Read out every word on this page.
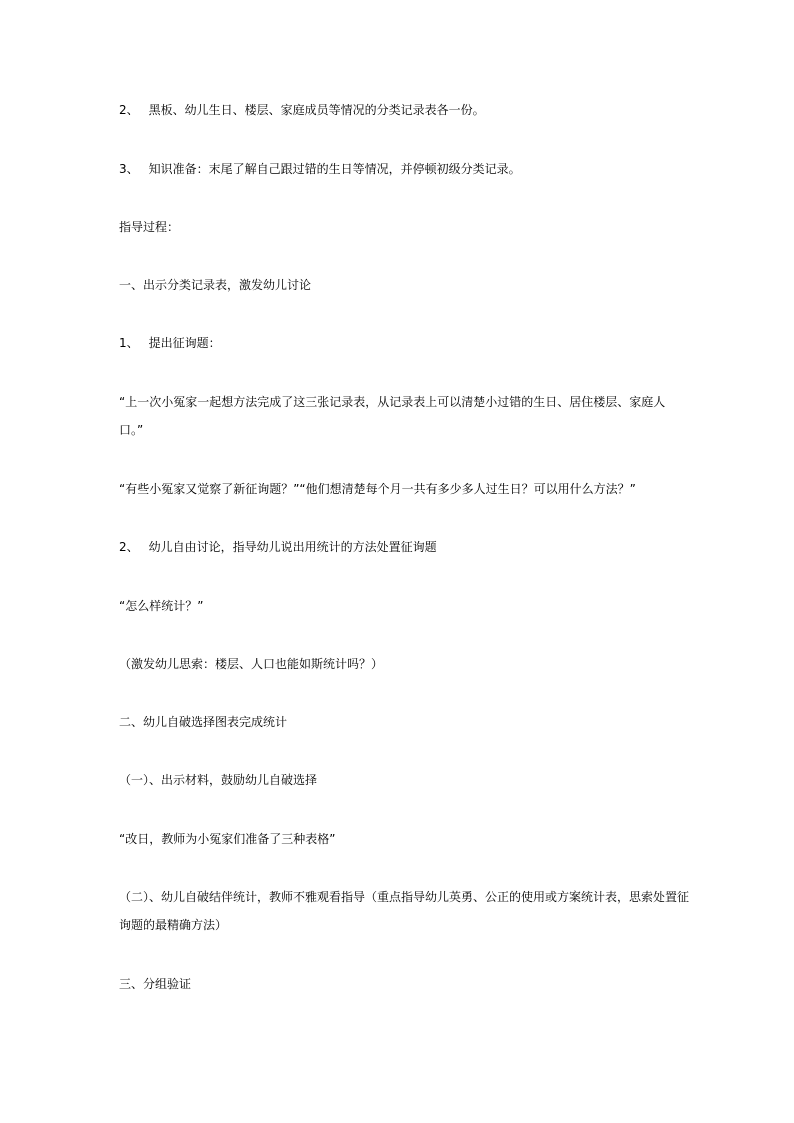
2、 黑板、幼儿生日、楼层、家庭成员等情况的分类记录表各一份。
3、 知识准备：末尾了解自己跟过错的生日等情况，并停顿初级分类记录。
指导过程：
一、出示分类记录表，激发幼儿讨论
1、 提出征询题：
“上一次小冤家一起想方法完成了这三张记录表，从记录表上可以清楚小过错的生日、居住楼层、家庭人口。”
“有些小冤家又觉察了新征询题？”“他们想清楚每个月一共有多少多人过生日？可以用什么方法？”
2、 幼儿自由讨论，指导幼儿说出用统计的方法处置征询题
“怎么样统计？”
（激发幼儿思索：楼层、人口也能如斯统计吗？）
二、幼儿自破选择图表完成统计
（一）、出示材料，鼓励幼儿自破选择
“改日，教师为小冤家们准备了三种表格”
（二）、幼儿自破结伴统计，教师不雅观看指导（重点指导幼儿英勇、公正的使用或方案统计表，思索处置征询题的最精确方法）
三、分组验证
